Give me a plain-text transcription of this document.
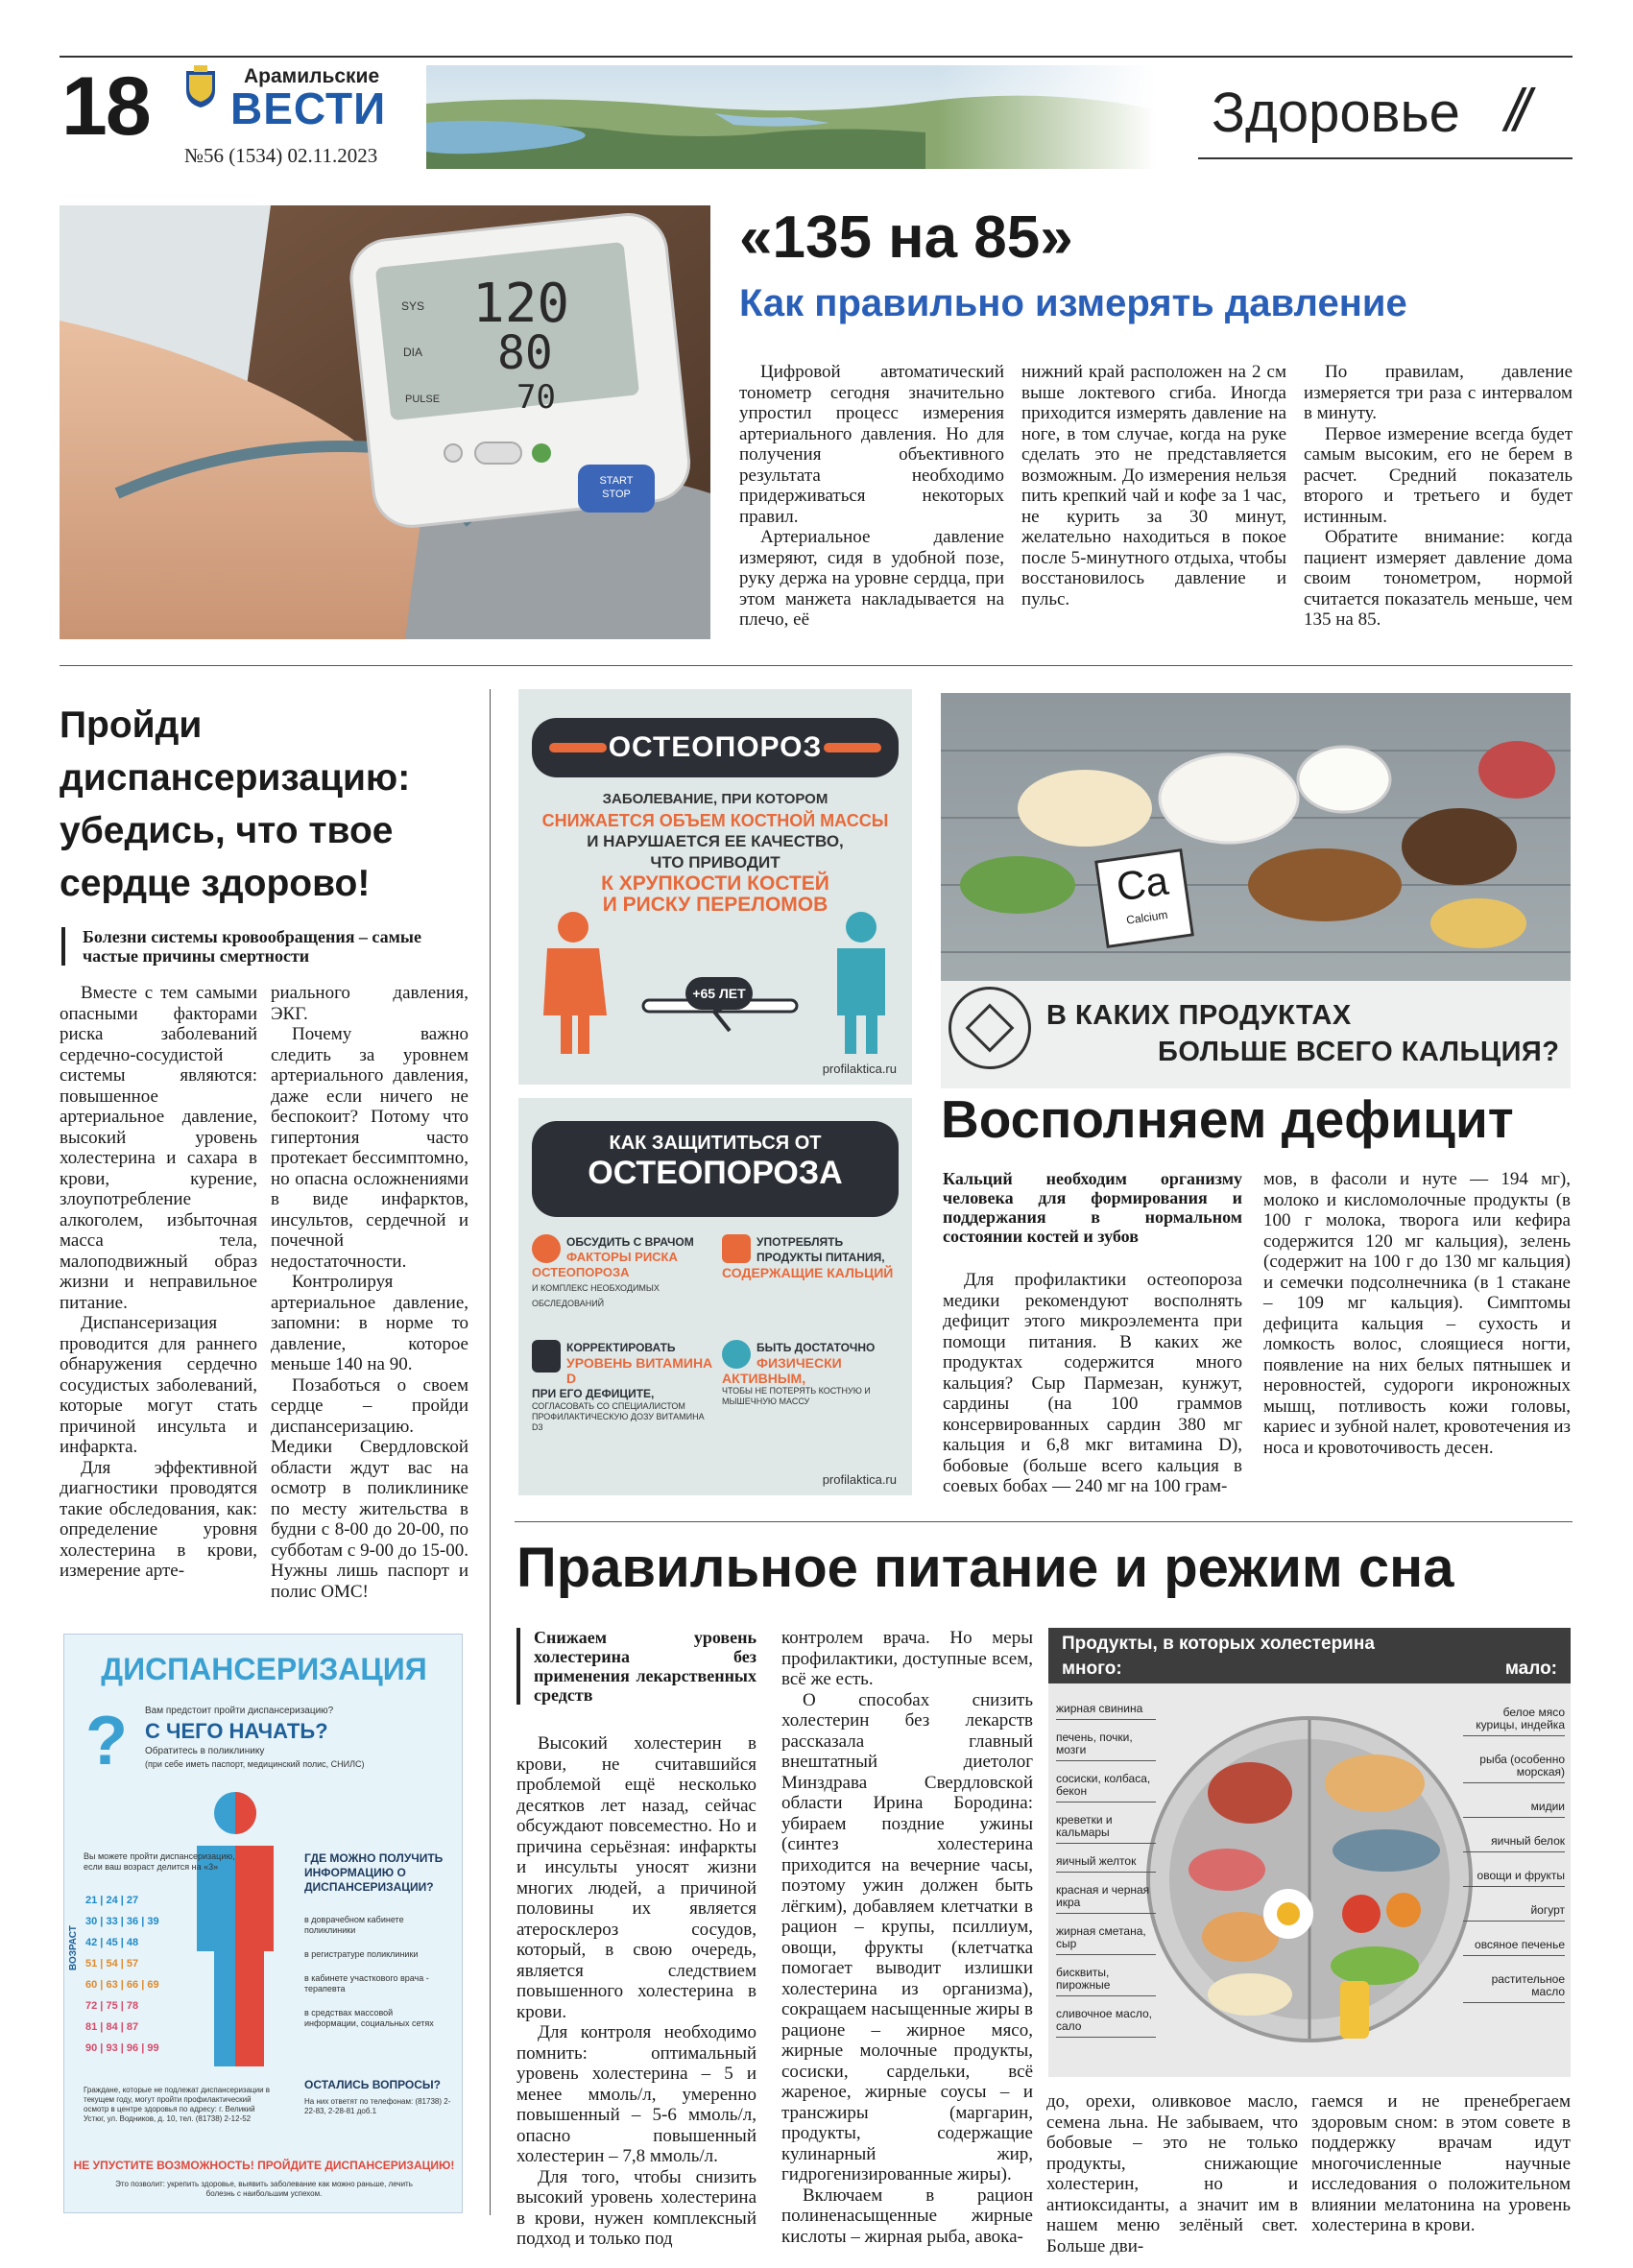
18	Арамильские
ВЕСТИ
№56 (1534) 02.11.2023
Здоровье //
SYS
DIA
PULSE
120
80
70
START
STOP
«135 на 85»
Как правильно измерять давление

Цифровой автоматический тонометр сегодня значительно упростил процесс измерения артериального давления. Но для получения объективного результата необходимо придерживаться некоторых правил.

Артериальное давление измеряют, сидя в удобной позе, руку держа на уровне сердца, при этом манжета накладывается на плечо, её

нижний край расположен на 2 см выше локтевого сгиба. Иногда приходится измерять давление на ноге, в том случае, когда на руке сделать это не представляется возможным. До измерения нельзя пить крепкий чай и кофе за 1 час, не курить за 30 минут, желательно находиться в покое после 5-минутного отдыха, чтобы восстановилось давление и пульс.

По правилам, давление измеряется три раза с интервалом в минуту.

Первое измерение всегда будет самым высоким, его не берем в расчет. Средний показатель второго и третьего и будет истинным.

Обратите внимание: когда пациент измеряет давление дома своим тонометром, нормой считается показатель меньше, чем 135 на 85.

Пройди диспансеризацию: убедись, что твое сердце здорово!
Болезни системы кровообращения – самые частые причины смертности

Вместе с тем самыми опасными факторами риска заболеваний сердечно-сосудистой системы являются: повышенное артериальное давление, высокий уровень холестерина и сахара в крови, курение, злоупотребление алкоголем, избыточная масса тела, малоподвижный образ жизни и неправильное питание.

Диспансеризация проводится для раннего обнаружения сердечно сосудистых заболеваний, которые могут стать причиной инсульта и инфаркта.

Для эффективной диагностики проводятся такие обследования, как: определение уровня холестерина в крови, измерение арте-

риального давления, ЭКГ.

Почему важно следить за уровнем артериального давления, даже если ничего не беспокоит? Потому что гипертония часто протекает бессимптомно, но опасна осложнениями в виде инфарктов, инсультов, сердечной и почечной недостаточности.

Контролируя артериальное давление, запомни: в норме то давление, которое меньше 140 на 90.

Позаботься о своем сердце – пройди диспансеризацию. Медики Свердловской области ждут вас на осмотр в поликлинике по месту жительства в будни с 8-00 до 20-00, по субботам с 9-00 до 15-00. Нужны лишь паспорт и полис ОМС!

ДИСПАНСЕРИЗАЦИЯ
? Вам предстоит пройти диспансеризацию?
С ЧЕГО НАЧАТЬ?
Обратитесь в поликлинику
(при себе иметь паспорт, медицинский полис, СНИЛС)
Вы можете пройти диспансеризацию, если ваш возраст делится на «3»
ВОЗРАСТ
21 | 24 | 27
30 | 33 | 36 | 39
42 | 45 | 48
51 | 54 | 57
60 | 63 | 66 | 69
72 | 75 | 78
81 | 84 | 87
90 | 93 | 96 | 99
ГДЕ МОЖНО ПОЛУЧИТЬ ИНФОРМАЦИЮ О ДИСПАНСЕРИЗАЦИИ?
в доврачебном кабинете поликлиники
в регистратуре поликлиники
в кабинете участкового врача - терапевта
в средствах массовой информации, социальных сетях
Граждане, которые не подлежат диспансеризации в текущем году, могут пройти профилактический осмотр в центре здоровья по адресу: г. Великий Устюг, ул. Водников, д. 10, тел. (81738) 2-12-52
ОСТАЛИСЬ ВОПРОСЫ?
На них ответят по телефонам: (81738) 2-22-83, 2-28-81 доб.1
НЕ УПУСТИТЕ ВОЗМОЖНОСТЬ! ПРОЙДИТЕ ДИСПАНСЕРИЗАЦИЮ!
Это позволит: укрепить здоровье, выявить заболевание как можно раньше, лечить болезнь с наибольшим успехом.
ОСТЕОПОРОЗ
ЗАБОЛЕВАНИЕ, ПРИ КОТОРОМ
СНИЖАЕТСЯ ОБЪЕМ КОСТНОЙ МАССЫ
И НАРУШАЕТСЯ ЕЕ КАЧЕСТВО,
ЧТО ПРИВОДИТ
К ХРУПКОСТИ КОСТЕЙ
И РИСКУ ПЕРЕЛОМОВ
+65 ЛЕТ
profilaktica.ru
КАК ЗАЩИТИТЬСЯ ОТ
ОСТЕОПОРОЗА
ОБСУДИТЬ С ВРАЧОМ
ФАКТОРЫ РИСКА ОСТЕОПОРОЗА
И КОМПЛЕКС НЕОБХОДИМЫХ ОБСЛЕДОВАНИЙ
УПОТРЕБЛЯТЬ ПРОДУКТЫ ПИТАНИЯ,
СОДЕРЖАЩИЕ КАЛЬЦИЙ
КОРРЕКТИРОВАТЬ
УРОВЕНЬ ВИТАМИНА D
ПРИ ЕГО ДЕФИЦИТЕ,
СОГЛАСОВАТЬ СО СПЕЦИАЛИСТОМ ПРОФИЛАКТИЧЕСКУЮ ДОЗУ ВИТАМИНА D3
БЫТЬ ДОСТАТОЧНО
ФИЗИЧЕСКИ АКТИВНЫМ,
ЧТОБЫ НЕ ПОТЕРЯТЬ КОСТНУЮ И МЫШЕЧНУЮ МАССУ
profilaktica.ru
Ca
Calcium
В КАКИХ ПРОДУКТАХ
БОЛЬШЕ ВСЕГО КАЛЬЦИЯ?
Восполняем дефицит
Кальций необходим организму человека для формирования и поддержания в нормальном состоянии костей и зубов

Для профилактики остеопороза медики рекомендуют восполнять дефицит этого микроэлемента при помощи питания. В каких же продуктах содержится много кальция? Сыр Пармезан, кунжут, сардины (на 100 граммов консервированных сардин 380 мг кальция и 6,8 мкг витамина D), бобовые (больше всего кальция в соевых бобах — 240 мг на 100 грам-

мов, в фасоли и нуте — 194 мг), молоко и кисломолочные продукты (в 100 г молока, творога или кефира содержится 120 мг кальция), зелень (содержит на 100 г до 130 мг кальция) и семечки подсолнечника (в 1 стакане – 109 мг кальция). Симптомы дефицита кальция – сухость и ломкость волос, слоящиеся ногти, появление на них белых пятнышек и неровностей, судороги икроножных мышц, потливость кожи головы, кариес и зубной налет, кровотечения из носа и кровоточивость десен.

Правильное питание и режим сна
Снижаем уровень холестерина без применения лекарственных средств

Высокий холестерин в крови, не считавшийся проблемой ещё несколько десятков лет назад, сейчас обсуждают повсеместно. Но и причина серьёзная: инфаркты и инсульты уносят жизни многих людей, а причиной половины их является атеросклероз сосудов, который, в свою очередь, является следствием повышенного холестерина в крови.

Для контроля необходимо помнить: оптимальный уровень холестерина – 5 и менее ммоль/л, умеренно повышенный – 5-6 ммоль/л, опасно повышенный холестерин – 7,8 ммоль/л.

Для того, чтобы снизить высокий уровень холестерина в крови, нужен комплексный подход и только под

контролем врача. Но меры профилактики, доступные всем, всё же есть.

О способах снизить холестерин без лекарств рассказала главный внештатный диетолог Минздрава Свердловской области Ирина Бородина: убираем поздние ужины (синтез холестерина приходится на вечерние часы, поэтому ужин должен быть лёгким), добавляем клетчатки в рацион – крупы, псиллиум, овощи, фрукты (клетчатка помогает выводит излишки холестерина из организма), сокращаем насыщенные жиры в рационе – жирное мясо, жирные молочные продукты, сосиски, сардельки, всё жареное, жирные соусы – и трансжиры (маргарин, продукты, содержащие кулинарный жир, гидрогенизированные жиры).

Включаем в рацион полиненасыщенные жирные кислоты – жирная рыба, авока-

до, орехи, оливковое масло, семена льна. Не забываем, что бобовые – это не только продукты, снижающие холестерин, но и антиоксиданты, а значит им в нашем меню зелёный свет. Больше дви-

гаемся и не пренебрегаем здоровым сном: в этом совете в поддержку врачам идут многочисленные научные исследования о положительном влиянии мелатонина на уровень холестерина в крови.

Продукты, в которых холестерина
много:	мало:
жирная свинина
печень, почки, мозги
сосиски, колбаса, бекон
креветки и кальмары
яичный желток
красная и черная икра
жирная сметана, сыр
бисквиты, пирожные
сливочное масло, сало
белое мясо курицы, индейка
рыба (особенно морская)
мидии
яичный белок
овощи и фрукты
йогурт
овсяное печенье
растительное масло
